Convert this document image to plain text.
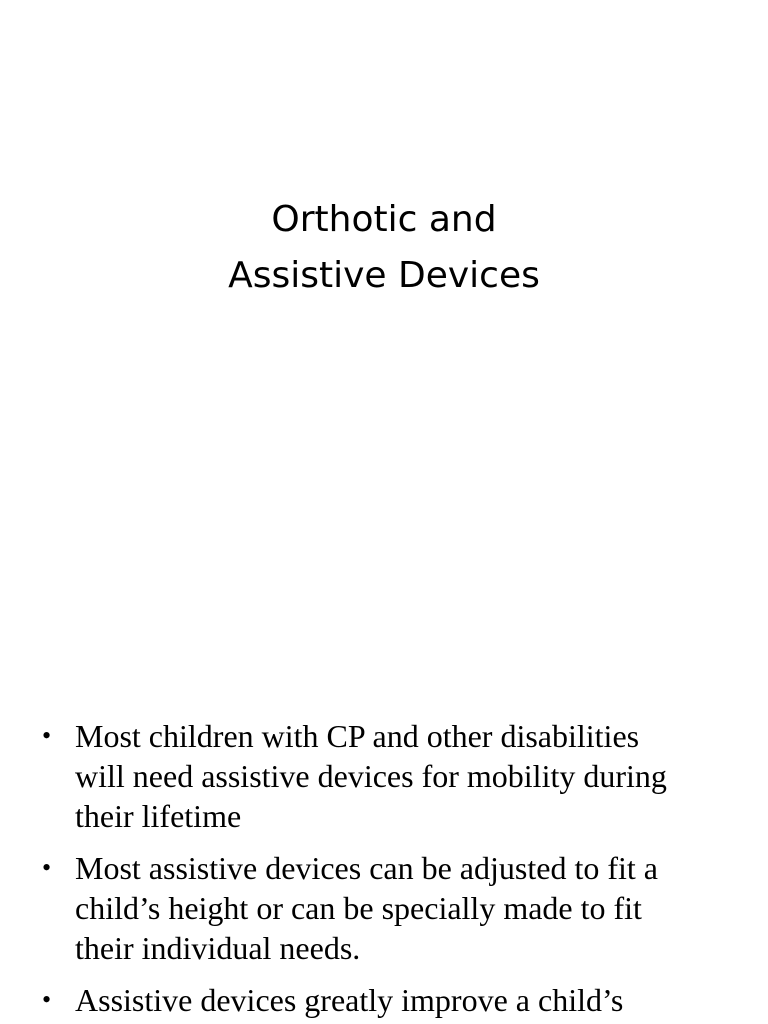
Orthotic and
Assistive Devices
• Most children with CP and other disabilities
will need assistive devices for mobility during
their lifetime
• Most assistive devices can be adjusted to fit a
child’s height or can be specially made to fit
their individual needs.
• Assistive devices greatly improve a child’s
